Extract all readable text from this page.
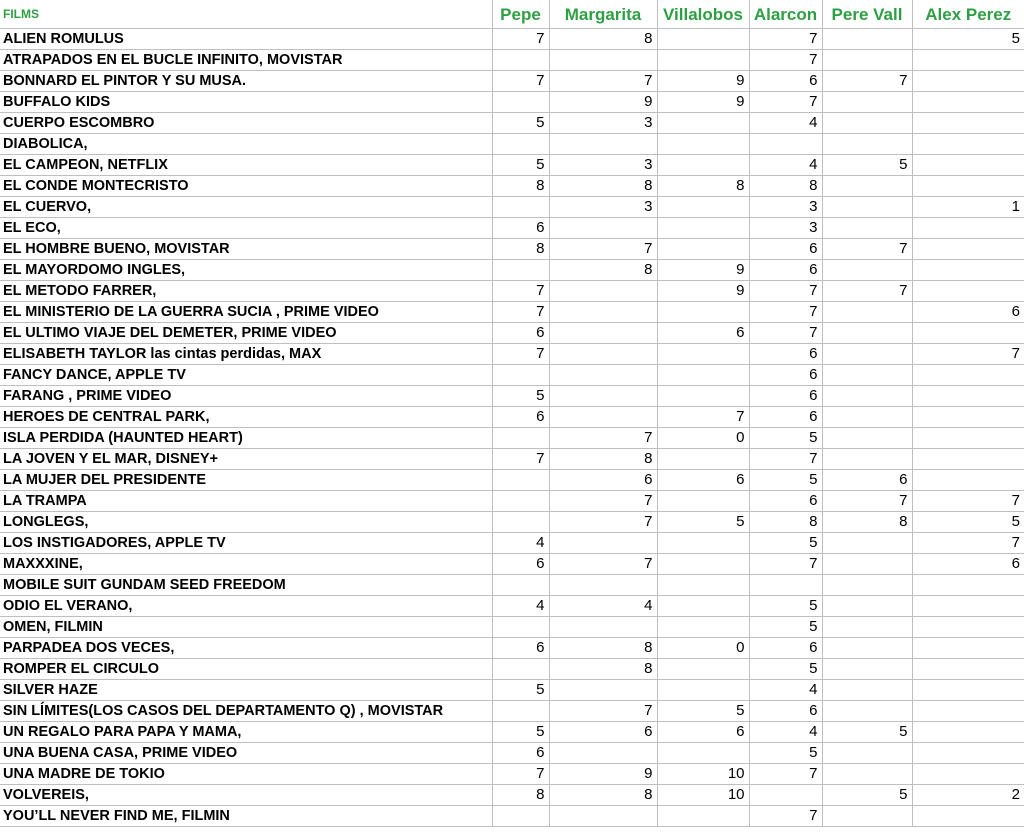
FILMS	Pepe	Margarita	Villalobos	Alarcon	Pere Vall	Alex Perez
ALIEN ROMULUS	7	8		7		5
ATRAPADOS EN EL BUCLE INFINITO, MOVISTAR				7		
BONNARD EL PINTOR Y SU MUSA.	7	7	9	6	7	
BUFFALO KIDS		9	9	7		
CUERPO ESCOMBRO	5	3		4		
DIABOLICA,						
EL CAMPEON, NETFLIX	5	3		4	5	
EL CONDE MONTECRISTO	8	8	8	8		
EL CUERVO,		3		3		1
EL ECO,	6			3		
EL HOMBRE BUENO, MOVISTAR	8	7		6	7	
EL MAYORDOMO INGLES,		8	9	6		
EL METODO FARRER,	7		9	7	7	
EL MINISTERIO DE LA GUERRA SUCIA , PRIME VIDEO	7			7		6
EL ULTIMO VIAJE DEL DEMETER, PRIME VIDEO	6		6	7		
ELISABETH TAYLOR las cintas perdidas, MAX	7			6		7
FANCY DANCE, APPLE TV				6		
FARANG , PRIME VIDEO	5			6		
HEROES DE CENTRAL PARK,	6		7	6		
ISLA PERDIDA (HAUNTED HEART)		7	0	5		
LA JOVEN Y EL MAR, DISNEY+	7	8		7		
LA MUJER DEL PRESIDENTE		6	6	5	6	
LA TRAMPA		7		6	7	7
LONGLEGS,		7	5	8	8	5
LOS INSTIGADORES, APPLE TV	4			5		7
MAXXXINE,	6	7		7		6
MOBILE SUIT GUNDAM SEED FREEDOM						
ODIO EL VERANO,	4	4		5		
OMEN, FILMIN				5		
PARPADEA DOS VECES,	6	8	0	6		
ROMPER EL CIRCULO		8		5		
SILVER HAZE	5			4		
SIN LÍMITES(LOS CASOS DEL DEPARTAMENTO Q) , MOVISTAR		7	5	6		
UN REGALO PARA PAPA Y MAMA,	5	6	6	4	5	
UNA BUENA CASA, PRIME VIDEO	6			5		
UNA MADRE DE TOKIO	7	9	10	7		
VOLVEREIS,	8	8	10		5	2
YOU’LL NEVER FIND ME, FILMIN				7		
